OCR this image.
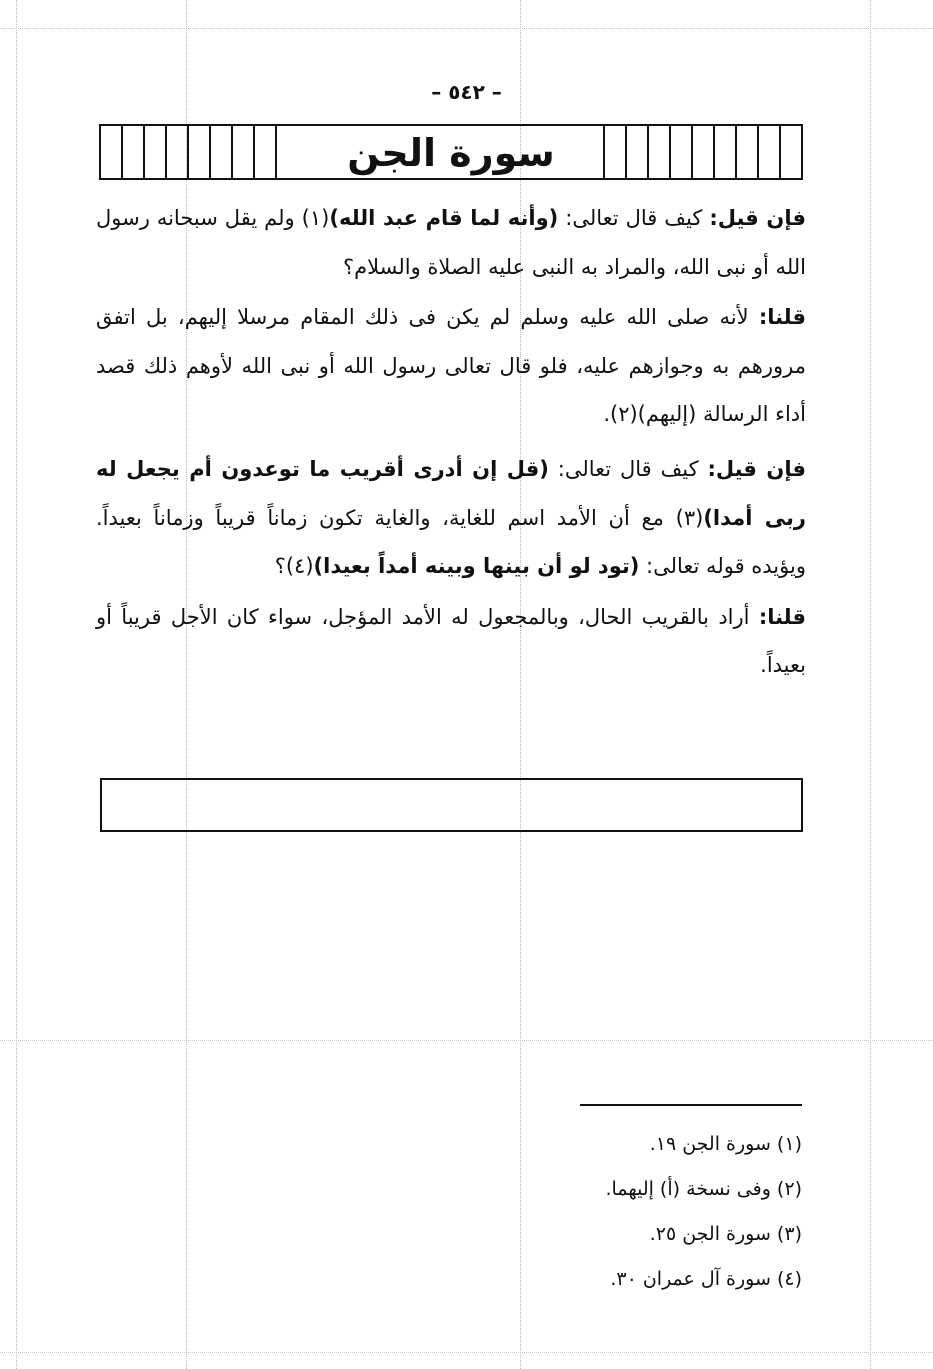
– ٥٤٢ –
سورة الجن

فإن قيل: كيف قال تعالى: (وأنه لما قام عبد الله)(١) ولم يقل سبحانه رسول الله أو نبى الله، والمراد به النبى عليه الصلاة والسلام؟

قلنا: لأنه صلى الله عليه وسلم لم يكن فى ذلك المقام مرسلا إليهم، بل اتفق مرورهم به وجوازهم عليه، فلو قال تعالى رسول الله أو نبى الله لأوهم ذلك قصد أداء الرسالة (إليهم)(٢).

فإن قيل: كيف قال تعالى: (قل إن أدرى أقريب ما توعدون أم يجعل له ربى أمدا)(٣) مع أن الأمد اسم للغاية، والغاية تكون زماناً قريباً وزماناً بعيداً. ويؤيده قوله تعالى: (تود لو أن بينها وبينه أمداً بعيدا)(٤)؟

قلنا: أراد بالقريب الحال، وبالمجعول له الأمد المؤجل، سواء كان الأجل قريباً أو بعيداً.

(١) سورة الجن ١٩.
(٢) وفى نسخة (أ) إليهما.
(٣) سورة الجن ٢٥.
(٤) سورة آل عمران ٣٠.
